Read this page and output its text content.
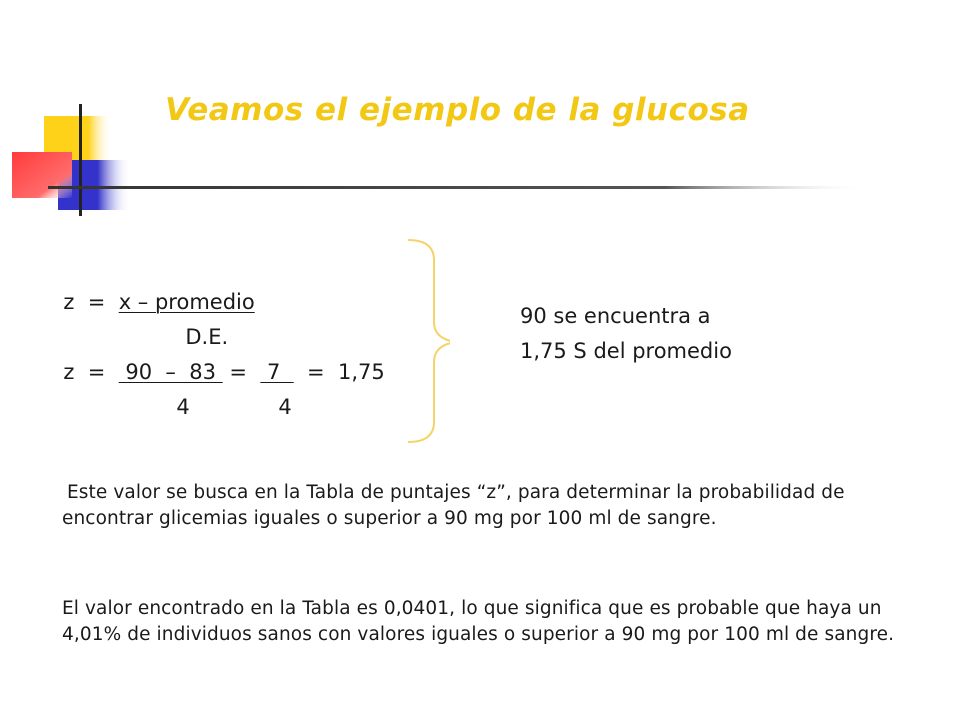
Veamos el ejemplo de la glucosa

z  =  x – promedio

D.E.

z  =   90  –  83  =   7    =  1,75

4	4

90 se encuentra a
1,75 S del promedio
Este valor se busca en la Tabla de puntajes “z”, para determinar la probabilidad de encontrar glicemias iguales o superior a 90 mg por 100 ml de sangre.
El valor encontrado en la Tabla es 0,0401, lo que significa que es probable que haya un 4,01% de individuos sanos con valores iguales o superior a 90 mg por 100 ml de sangre.
